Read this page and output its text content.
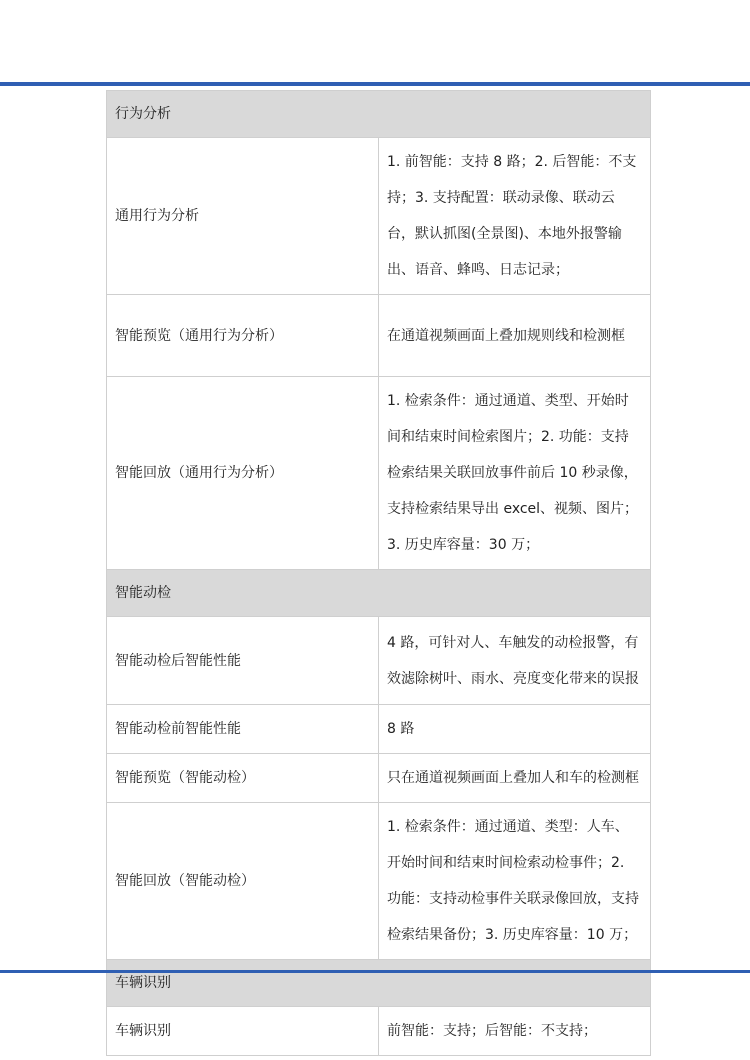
行为分析	
通用行为分析	1. 前智能：支持 8 路；2. 后智能：不支持；3. 支持配置：联动录像、联动云台，默认抓图(全景图)、本地外报警输出、语音、蜂鸣、日志记录；
智能预览（通用行为分析）	在通道视频画面上叠加规则线和检测框
智能回放（通用行为分析）	1. 检索条件：通过通道、类型、开始时间和结束时间检索图片；2. 功能：支持检索结果关联回放事件前后 10 秒录像，支持检索结果导出 excel、视频、图片；3. 历史库容量：30 万；
智能动检	
智能动检后智能性能	4 路，可针对人、车触发的动检报警，有效滤除树叶、雨水、亮度变化带来的误报
智能动检前智能性能	8 路
智能预览（智能动检）	只在通道视频画面上叠加人和车的检测框
智能回放（智能动检）	1. 检索条件：通过通道、类型：人车、开始时间和结束时间检索动检事件；2. 功能：支持动检事件关联录像回放，支持检索结果备份；3. 历史库容量：10 万；
车辆识别	
车辆识别	前智能：支持；后智能：不支持；
